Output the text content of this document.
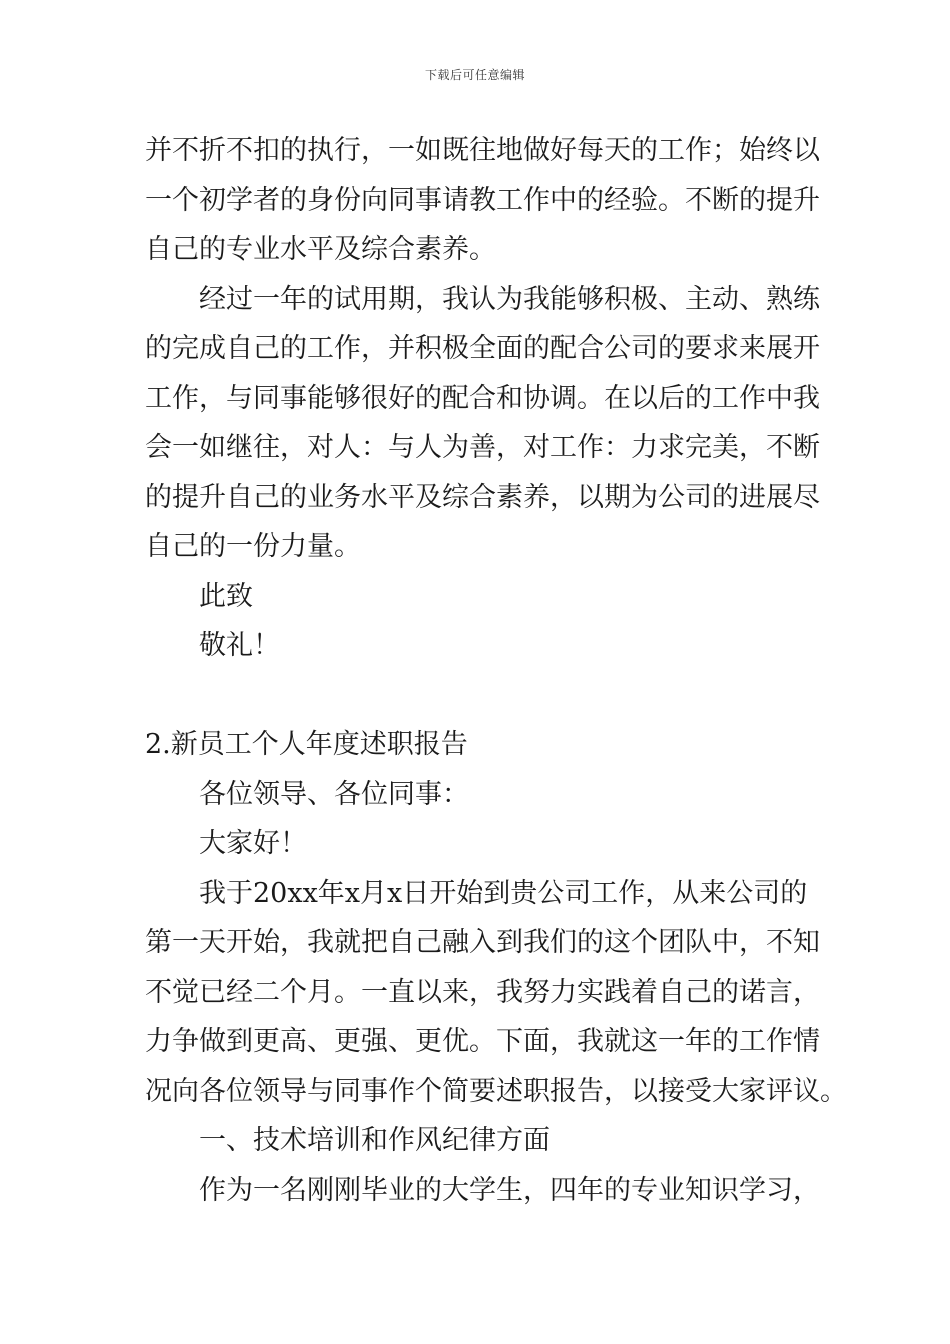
下载后可任意编辑
并不折不扣的执行，一如既往地做好每天的工作；始终以
一个初学者的身份向同事请教工作中的经验。不断的提升
自己的专业水平及综合素养。
经过一年的试用期，我认为我能够积极、主动、熟练
的完成自己的工作，并积极全面的配合公司的要求来展开
工作，与同事能够很好的配合和协调。在以后的工作中我
会一如继往，对人：与人为善，对工作：力求完美，不断
的提升自己的业务水平及综合素养，以期为公司的进展尽
自己的一份力量。
此致
敬礼！
2.新员工个人年度述职报告
各位领导、各位同事：
大家好！
我于20xx年x月x日开始到贵公司工作，从来公司的
第一天开始，我就把自己融入到我们的这个团队中，不知
不觉已经二个月。一直以来，我努力实践着自己的诺言，
力争做到更高、更强、更优。下面，我就这一年的工作情
况向各位领导与同事作个简要述职报告，以接受大家评议。
一、技术培训和作风纪律方面
作为一名刚刚毕业的大学生，四年的专业知识学习，
